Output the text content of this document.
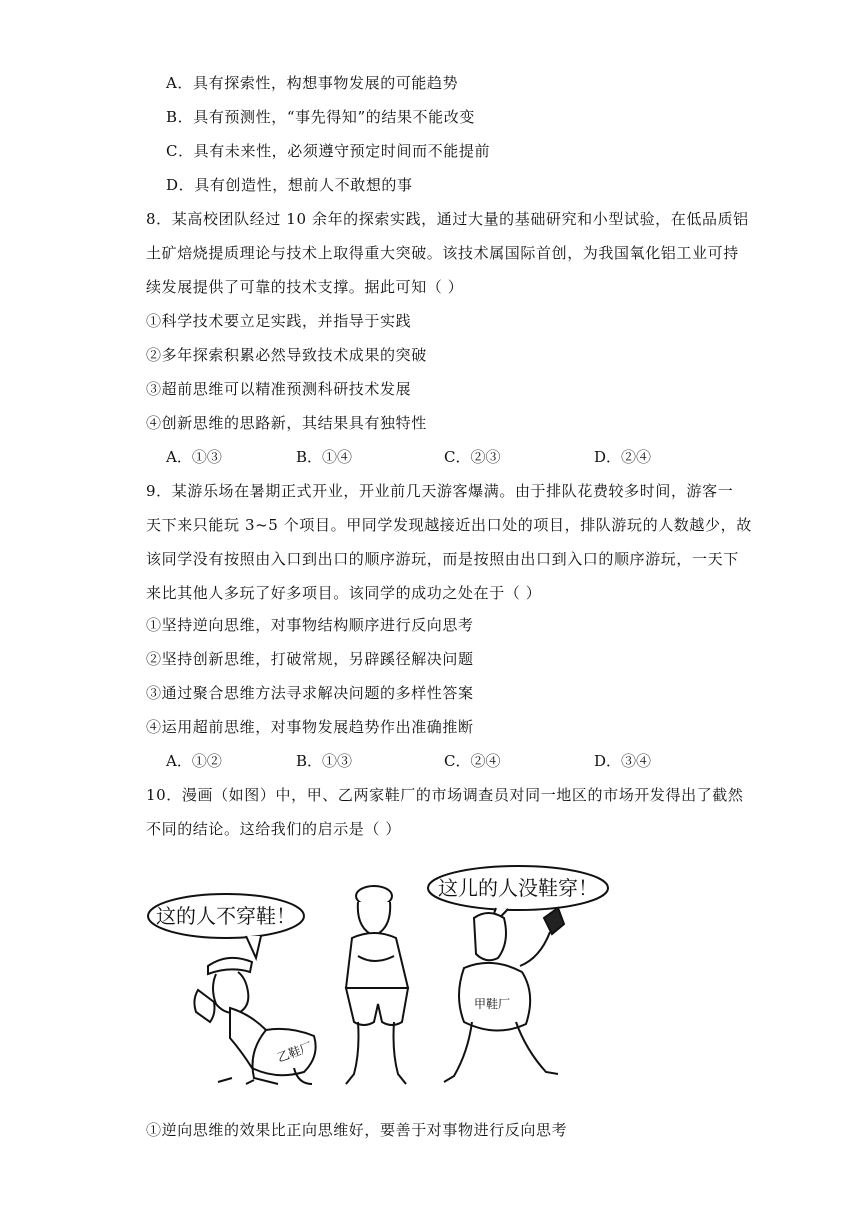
A．具有探索性，构想事物发展的可能趋势
B．具有预测性，“事先得知”的结果不能改变
C．具有未来性，必须遵守预定时间而不能提前
D．具有创造性，想前人不敢想的事
8．某高校团队经过 10 余年的探索实践，通过大量的基础研究和小型试验，在低品质铝
土矿焙烧提质理论与技术上取得重大突破。该技术属国际首创，为我国氧化铝工业可持
续发展提供了可靠的技术支撑。据此可知（ ）
①科学技术要立足实践，并指导于实践
②多年探索积累必然导致技术成果的突破
③超前思维可以精准预测科研技术发展
④创新思维的思路新，其结果具有独特性
A．①③	B．①④	C．②③	D．②④
9．某游乐场在暑期正式开业，开业前几天游客爆满。由于排队花费较多时间，游客一
天下来只能玩 3~5 个项目。甲同学发现越接近出口处的项目，排队游玩的人数越少，故
该同学没有按照由入口到出口的顺序游玩，而是按照由出口到入口的顺序游玩，一天下
来比其他人多玩了好多项目。该同学的成功之处在于（ ）
①坚持逆向思维，对事物结构顺序进行反向思考
②坚持创新思维，打破常规，另辟蹊径解决问题
③通过聚合思维方法寻求解决问题的多样性答案
④运用超前思维，对事物发展趋势作出准确推断
A．①②	B．①③	C．②④	D．③④
10．漫画（如图）中，甲、乙两家鞋厂的市场调查员对同一地区的市场开发得出了截然
不同的结论。这给我们的启示是（ ）
这的人不穿鞋！
这儿的人没鞋穿！
乙鞋厂
甲鞋厂
①逆向思维的效果比正向思维好，要善于对事物进行反向思考
